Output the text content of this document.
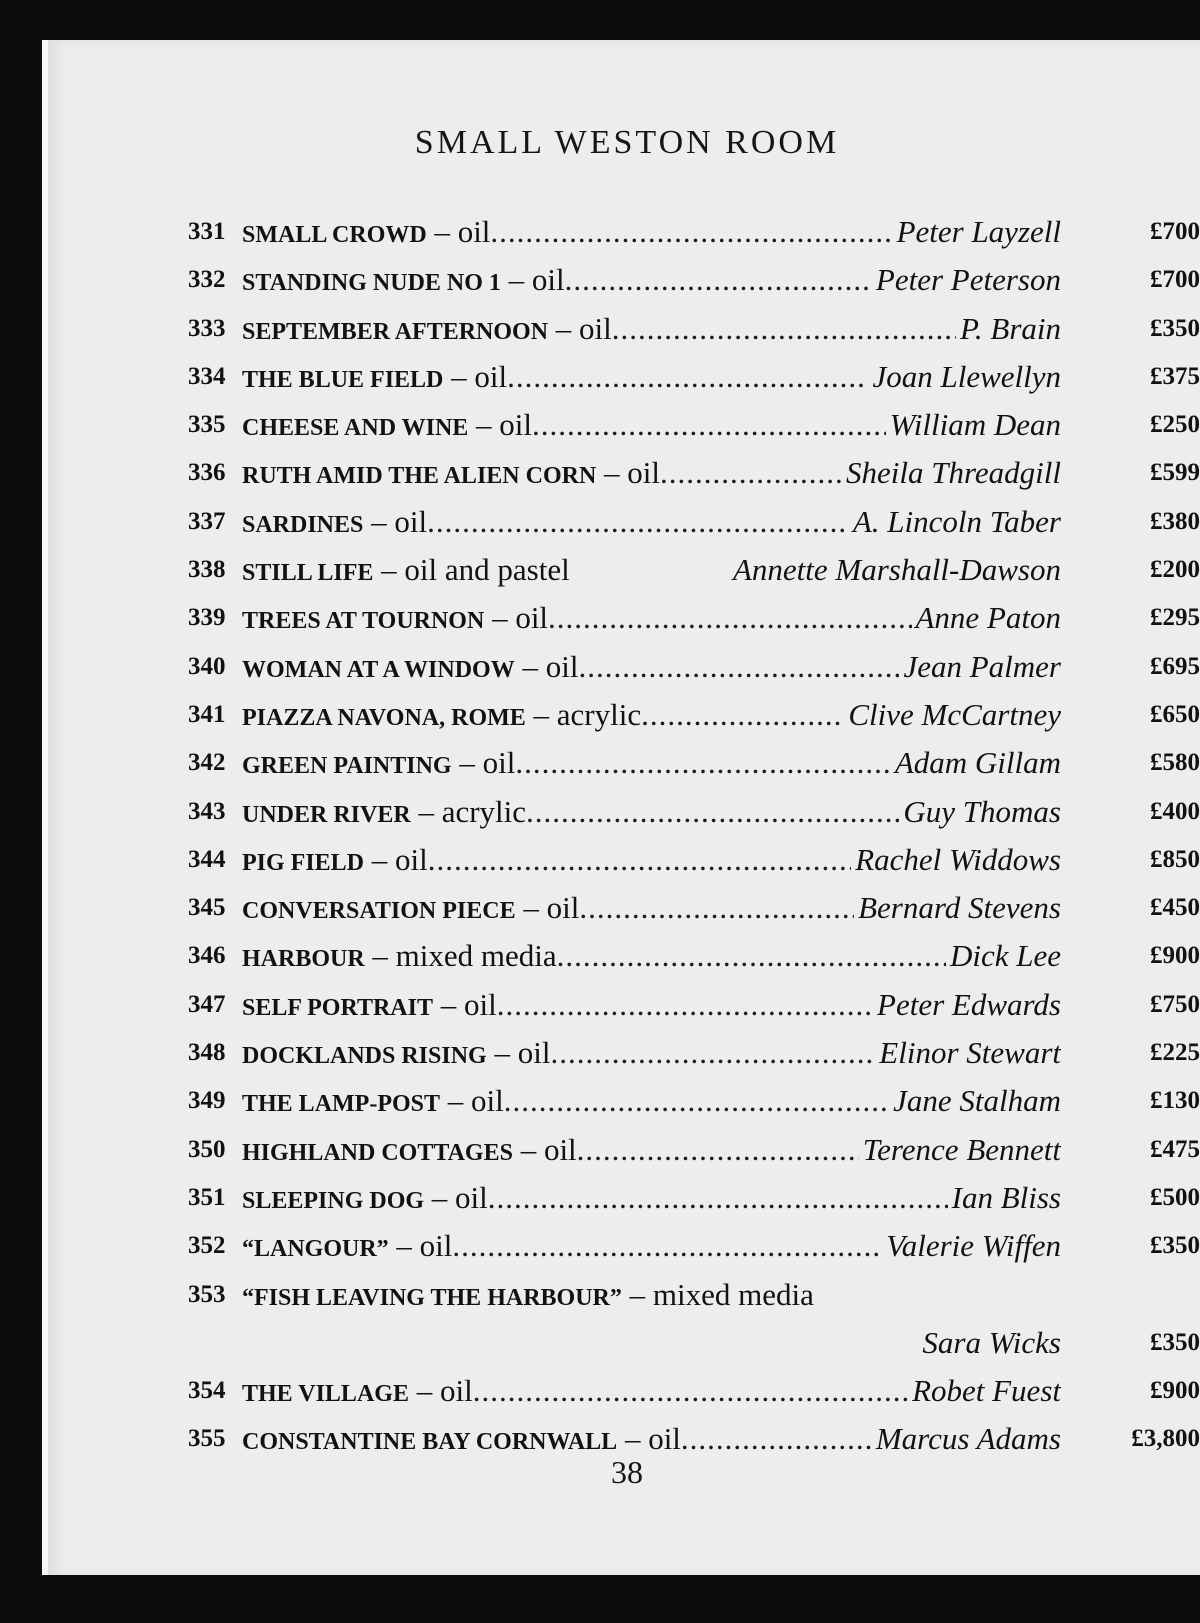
SMALL WESTON ROOM
331 SMALL CROWD – oil .....	Peter Layzell	£700
332 STANDING NUDE NO 1 – oil .....	Peter Peterson	£700
333 SEPTEMBER AFTERNOON – oil .....	P. Brain	£350
334 THE BLUE FIELD – oil .....	Joan Llewellyn	£375
335 CHEESE AND WINE – oil .....	William Dean	£250
336 RUTH AMID THE ALIEN CORN – oil .....	Sheila Threadgill	£599
337 SARDINES – oil .....	A. Lincoln Taber	£380
338 STILL LIFE – oil and pastel	Annette Marshall-Dawson	£200
339 TREES AT TOURNON – oil .....	Anne Paton	£295
340 WOMAN AT A WINDOW – oil .....	Jean Palmer	£695
341 PIAZZA NAVONA, ROME – acrylic .....	Clive McCartney	£650
342 GREEN PAINTING – oil .....	Adam Gillam	£580
343 UNDER RIVER – acrylic .....	Guy Thomas	£400
344 PIG FIELD – oil .....	Rachel Widdows	£850
345 CONVERSATION PIECE – oil .....	Bernard Stevens	£450
346 HARBOUR – mixed media .....	Dick Lee	£900
347 SELF PORTRAIT – oil .....	Peter Edwards	£750
348 DOCKLANDS RISING – oil .....	Elinor Stewart	£225
349 THE LAMP-POST – oil .....	Jane Stalham	£130
350 HIGHLAND COTTAGES – oil .....	Terence Bennett	£475
351 SLEEPING DOG – oil .....	Ian Bliss	£500
352 “LANGOUR” – oil .....	Valerie Wiffen	£350
353 “FISH LEAVING THE HARBOUR” – mixed media
Sara Wicks	£350
354 THE VILLAGE – oil .....	Robet Fuest	£900
355 CONSTANTINE BAY CORNWALL – oil .....	Marcus Adams	£3,800
38
